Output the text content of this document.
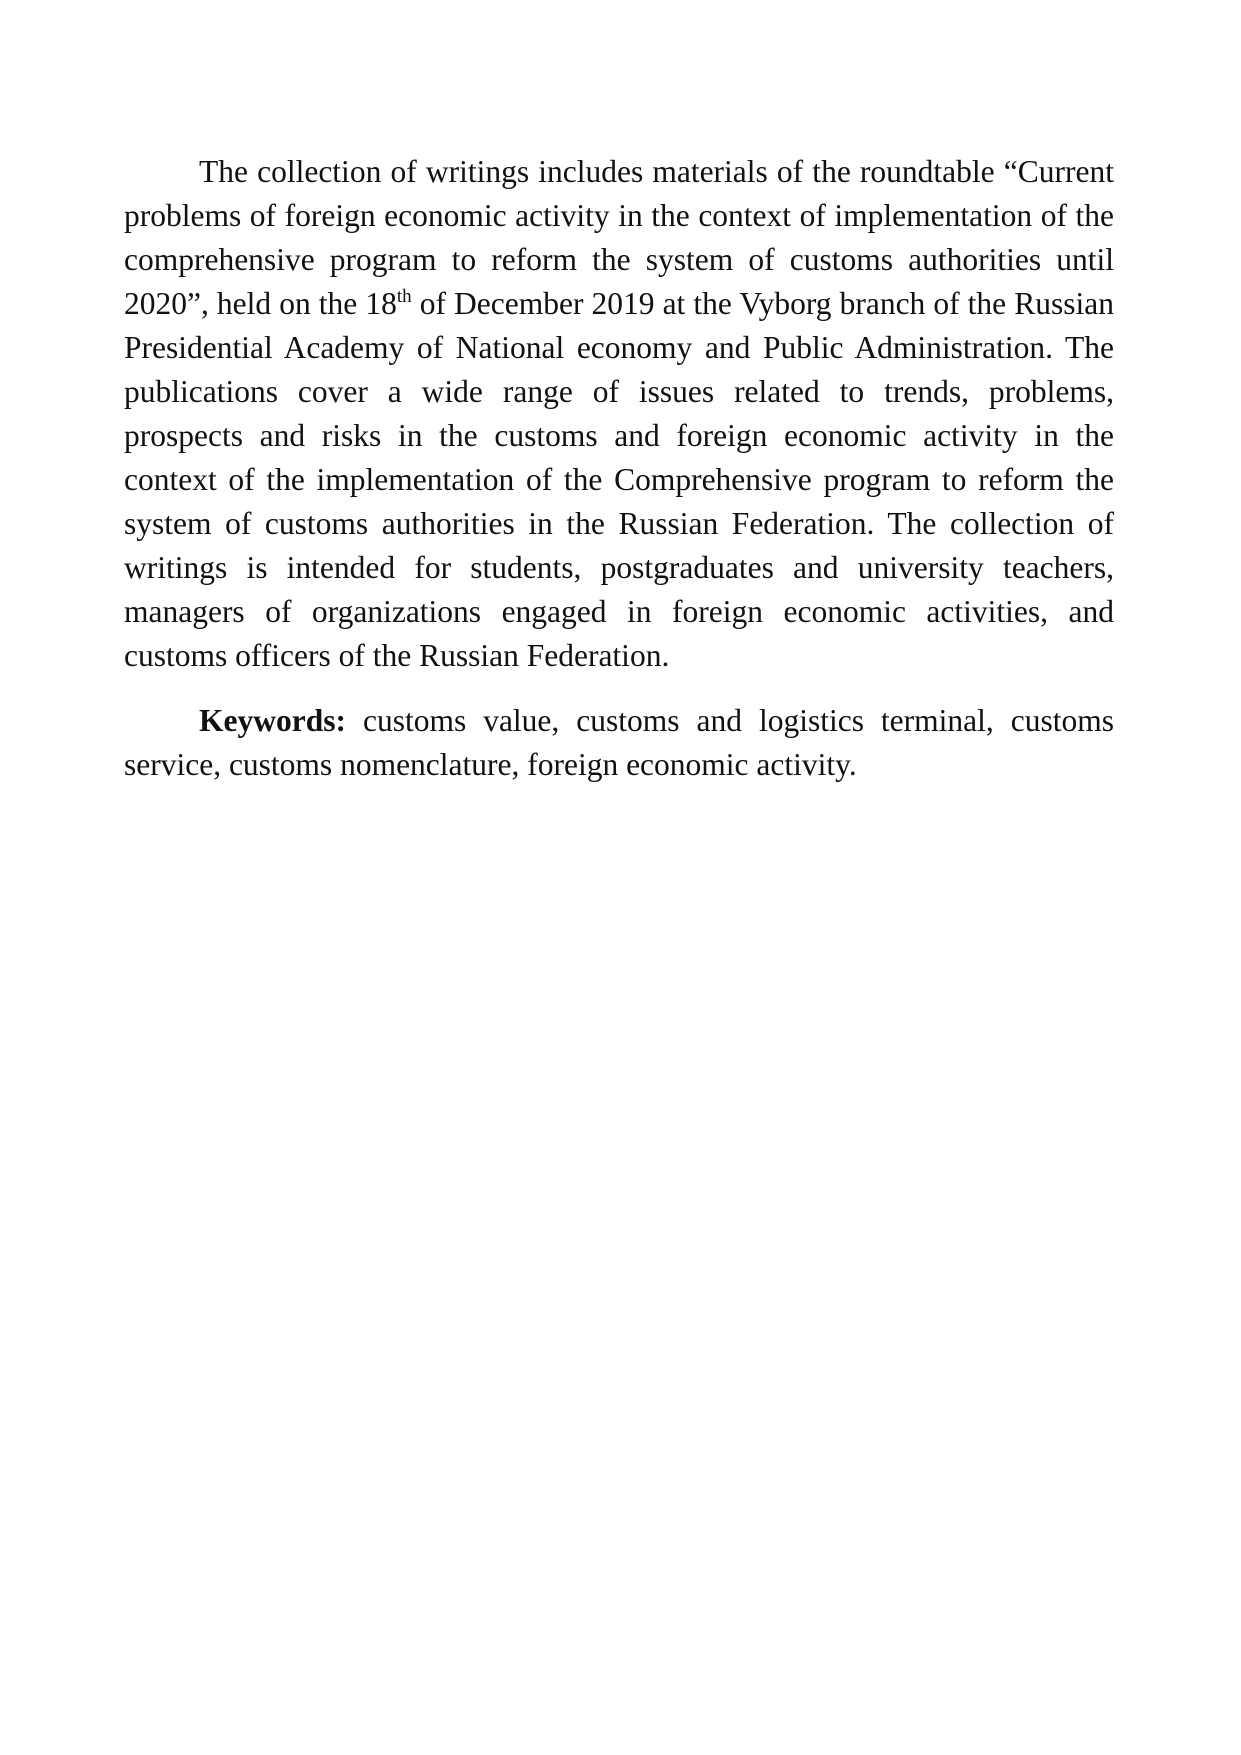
The collection of writings includes materials of the roundtable “Current problems of foreign economic activity in the context of implementation of the comprehensive program to reform the system of customs authorities until 2020”, held on the 18th of December 2019 at the Vyborg branch of the Russian Presidential Academy of National economy and Public Administration. The publications cover a wide range of issues related to trends, problems, prospects and risks in the customs and foreign economic activity in the context of the implementation of the Comprehensive program to reform the system of customs authorities in the Russian Federation. The collection of writings is intended for students, postgraduates and university teachers, managers of organizations engaged in foreign economic activities, and customs officers of the Russian Federation.

Keywords: customs value, customs and logistics terminal, customs service, customs nomenclature, foreign economic activity.
